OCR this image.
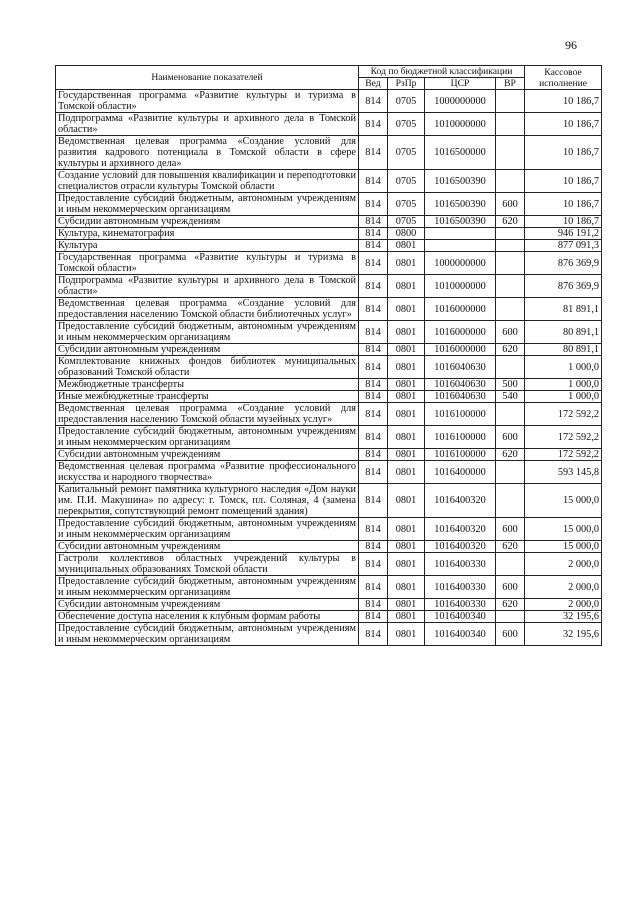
96
Наименование показателей	Код по бюджетной классификации				Кассовое исполнение
	Вед	РзПр	ЦСР	ВР	
Государственная программа «Развитие культуры и туризма в Томской области»	814	0705	1000000000		10 186,7
Подпрограмма «Развитие культуры и архивного дела в Томской области»	814	0705	1010000000		10 186,7
Ведомственная целевая программа «Создание условий для развития кадрового потенциала в Томской области в сфере культуры и архивного дела»	814	0705	1016500000		10 186,7
Создание условий для повышения квалификации и переподготовки специалистов отрасли культуры Томской области	814	0705	1016500390		10 186,7
Предоставление субсидий бюджетным, автономным учреждениям и иным некоммерческим организациям	814	0705	1016500390	600	10 186,7
Субсидии автономным учреждениям	814	0705	1016500390	620	10 186,7
Культура, кинематография	814	0800			946 191,2
Культура	814	0801			877 091,3
Государственная программа «Развитие культуры и туризма в Томской области»	814	0801	1000000000		876 369,9
Подпрограмма «Развитие культуры и архивного дела в Томской области»	814	0801	1010000000		876 369,9
Ведомственная целевая программа «Создание условий для предоставления населению Томской области библиотечных услуг»	814	0801	1016000000		81 891,1
Предоставление субсидий бюджетным, автономным учреждениям и иным некоммерческим организациям	814	0801	1016000000	600	80 891,1
Субсидии автономным учреждениям	814	0801	1016000000	620	80 891,1
Комплектование книжных фондов библиотек муниципальных образований Томской области	814	0801	1016040630		1 000,0
Межбюджетные трансферты	814	0801	1016040630	500	1 000,0
Иные межбюджетные трансферты	814	0801	1016040630	540	1 000,0
Ведомственная целевая программа «Создание условий для предоставления населению Томской области музейных услуг»	814	0801	1016100000		172 592,2
Предоставление субсидий бюджетным, автономным учреждениям и иным некоммерческим организациям	814	0801	1016100000	600	172 592,2
Субсидии автономным учреждениям	814	0801	1016100000	620	172 592,2
Ведомственная целевая программа «Развитие профессионального искусства и народного творчества»	814	0801	1016400000		593 145,8
Капитальный ремонт памятника культурного наследия «Дом науки им. П.И. Макушина» по адресу: г. Томск, пл. Соляная, 4 (замена перекрытия, сопутствующий ремонт помещений здания)	814	0801	1016400320		15 000,0
Предоставление субсидий бюджетным, автономным учреждениям и иным некоммерческим организациям	814	0801	1016400320	600	15 000,0
Субсидии автономным учреждениям	814	0801	1016400320	620	15 000,0
Гастроли коллективов областных учреждений культуры в муниципальных образованиях Томской области	814	0801	1016400330		2 000,0
Предоставление субсидий бюджетным, автономным учреждениям и иным некоммерческим организациям	814	0801	1016400330	600	2 000,0
Субсидии автономным учреждениям	814	0801	1016400330	620	2 000,0
Обеспечение доступа населения к клубным формам работы	814	0801	1016400340		32 195,6
Предоставление субсидий бюджетным, автономным учреждениям и иным некоммерческим организациям	814	0801	1016400340	600	32 195,6
